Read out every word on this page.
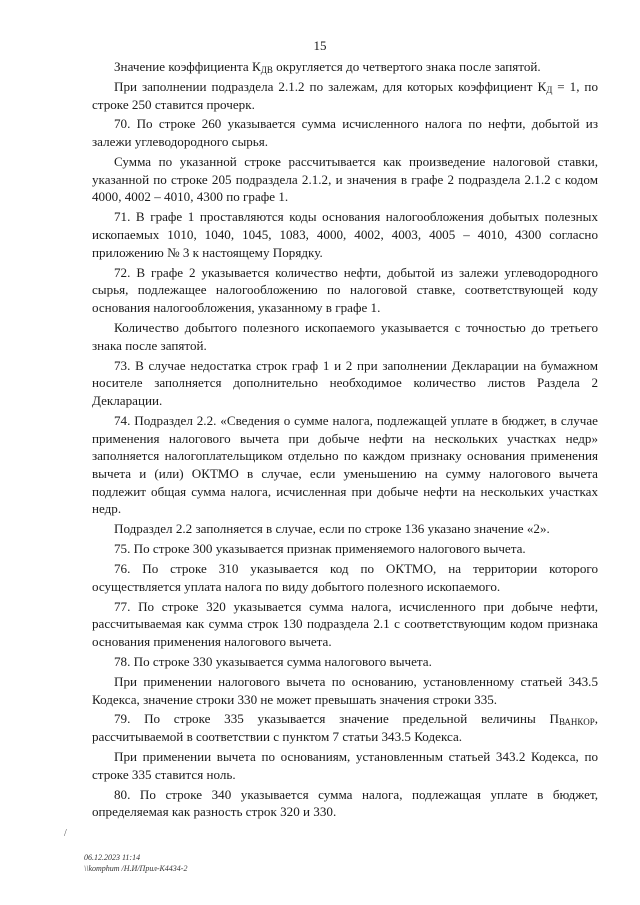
15

Значение коэффициента $К_{ДВ}$ округляется до четвертого знака после запятой.

При заполнении подраздела 2.1.2 по залежам, для которых коэффициент $К_Д = 1$, по строке 250 ставится прочерк.

70. По строке 260 указывается сумма исчисленного налога по нефти, добытой из залежи углеводородного сырья.

Сумма по указанной строке рассчитывается как произведение налоговой ставки, указанной по строке 205 подраздела 2.1.2, и значения в графе 2 подраздела 2.1.2 с кодом 4000, 4002 – 4010, 4300 по графе 1.

71. В графе 1 проставляются коды основания налогообложения добытых полезных ископаемых 1010, 1040, 1045, 1083, 4000, 4002, 4003, 4005 – 4010, 4300 согласно приложению № 3 к настоящему Порядку.

72. В графе 2 указывается количество нефти, добытой из залежи углеводородного сырья, подлежащее налогообложению по налоговой ставке, соответствующей коду основания налогообложения, указанному в графе 1.

Количество добытого полезного ископаемого указывается с точностью до третьего знака после запятой.

73. В случае недостатка строк граф 1 и 2 при заполнении Декларации на бумажном носителе заполняется дополнительно необходимое количество листов Раздела 2 Декларации.

74. Подраздел 2.2. «Сведения о сумме налога, подлежащей уплате в бюджет, в случае применения налогового вычета при добыче нефти на нескольких участках недр» заполняется налогоплательщиком отдельно по каждом признаку основания применения вычета и (или) ОКТМО в случае, если уменьшению на сумму налогового вычета подлежит общая сумма налога, исчисленная при добыче нефти на нескольких участках недр.

Подраздел 2.2 заполняется в случае, если по строке 136 указано значение «2».

75. По строке 300 указывается признак применяемого налогового вычета.

76. По строке 310 указывается код по ОКТМО, на территории которого осуществляется уплата налога по виду добытого полезного ископаемого.

77. По строке 320 указывается сумма налога, исчисленного при добыче нефти, рассчитываемая как сумма строк 130 подраздела 2.1 с соответствующим кодом признака основания применения налогового вычета.

78. По строке 330 указывается сумма налогового вычета.

При применении налогового вычета по основанию, установленному статьей 343.5 Кодекса, значение строки 330 не может превышать значения строки 335.

79. По строке 335 указывается значение предельной величины $П_{ВАНКОР}$, рассчитываемой в соответствии с пунктом 7 статьи 343.5 Кодекса.

При применении вычета по основаниям, установленным статьей 343.2 Кодекса, по строке 335 ставится ноль.

80. По строке 340 указывается сумма налога, подлежащая уплате в бюджет, определяемая как разность строк 320 и 330.

/
06.12.2023 11:14
\\komphum /Н.И/Прил-К4434-2
